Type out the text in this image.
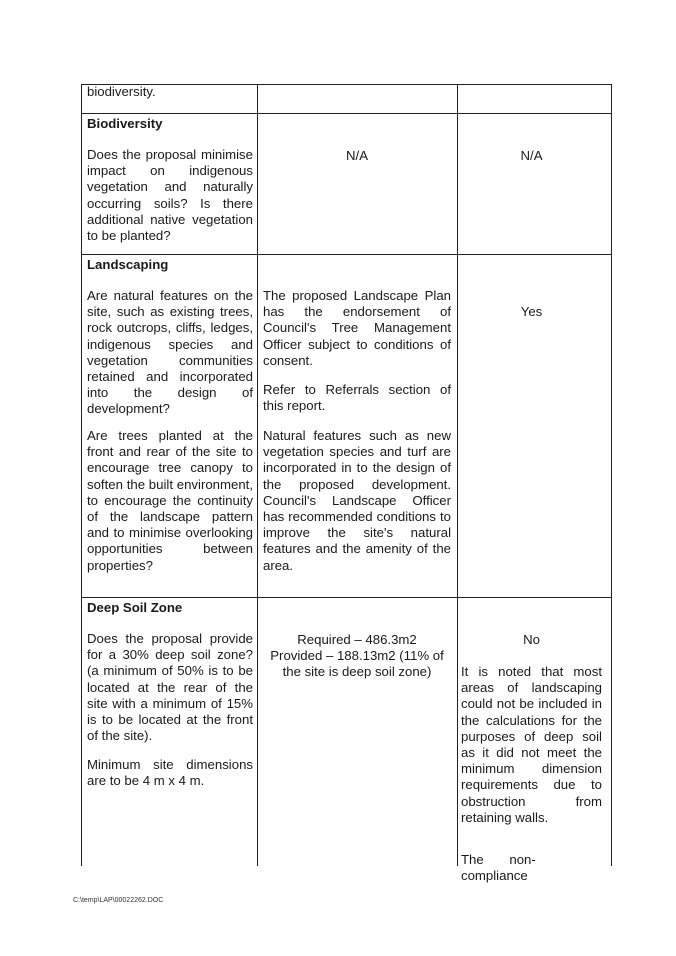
biodiversity.

Biodiversity

Does the proposal minimise impact on indigenous vegetation and naturally occurring soils? Is there additional native vegetation to be planted?

N/A	N/A

Landscaping

Are natural features on the site, such as existing trees, rock outcrops, cliffs, ledges, indigenous species and vegetation communities retained and incorporated into the design of development?

Are trees planted at the front and rear of the site to encourage tree canopy to soften the built environment, to encourage the continuity of the landscape pattern and to minimise overlooking opportunities between properties?

The proposed Landscape Plan has the endorsement of Council's Tree Management Officer subject to conditions of consent.

Refer to Referrals section of this report.

Natural features such as new vegetation species and turf are incorporated in to the design of the proposed development. Council's Landscape Officer has recommended conditions to improve the site's natural features and the amenity of the area.

Yes

Deep Soil Zone

Does the proposal provide for a 30% deep soil zone? (a minimum of 50% is to be located at the rear of the site with a minimum of 15% is to be located at the front of the site).

Minimum site dimensions are to be 4 m x 4 m.

Required – 486.3m2

Provided – 188.13m2 (11% of the site is deep soil zone)

No

It is noted that most areas of landscaping could not be included in the calculations for the purposes of deep soil as it did not meet the minimum dimension requirements due to obstruction from retaining walls.

The non-compliance

C:\temp\LAP\00022262.DOC
